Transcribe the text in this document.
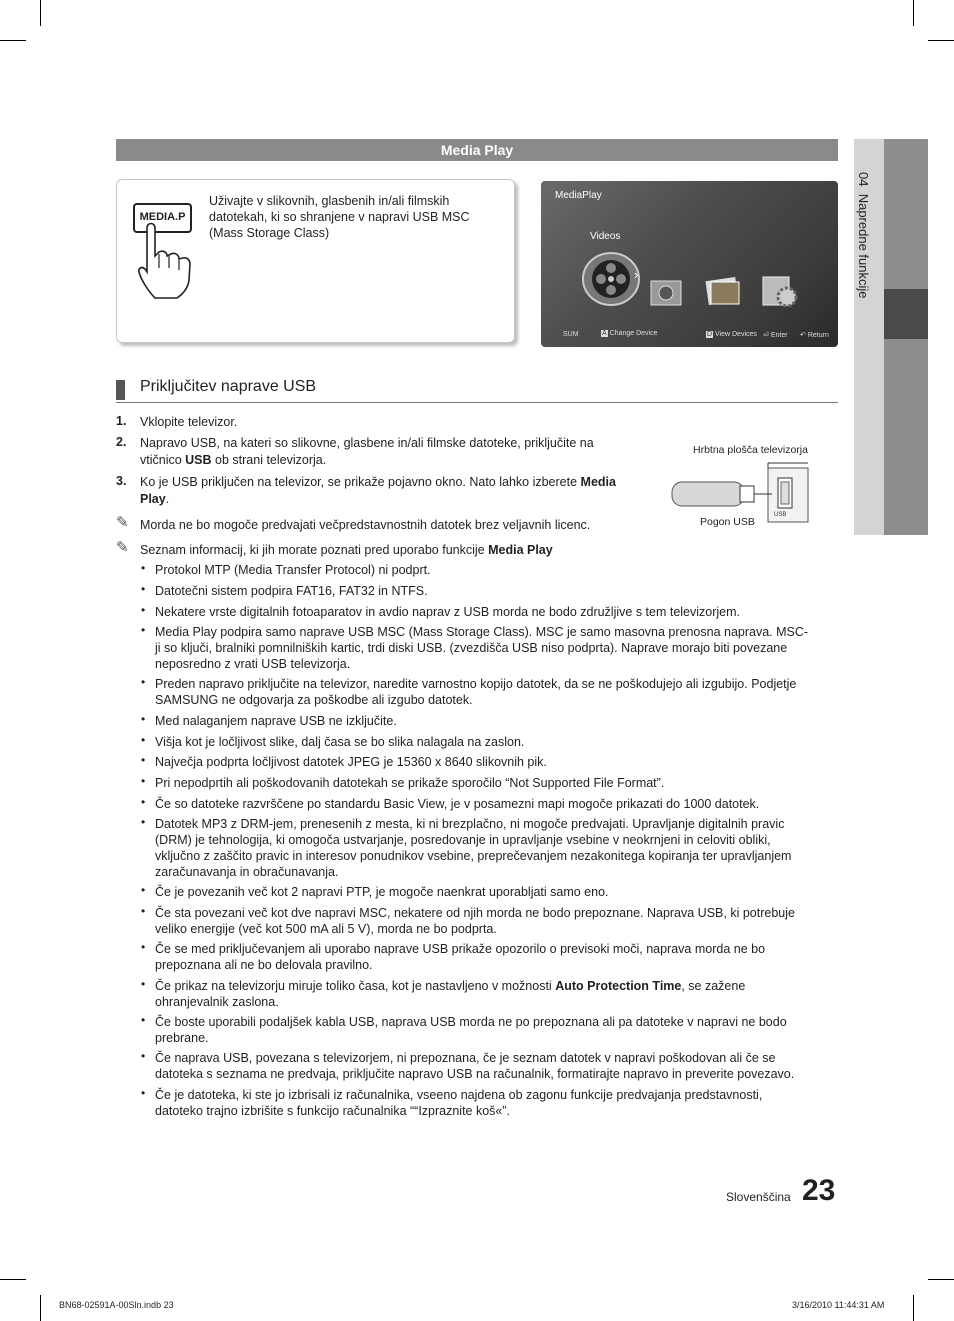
04  Napredne funkcije
Media Play
MEDIA.P
Uživajte v slikovnih, glasbenih in/ali filmskih
datotekah, ki so shranjene v napravi USB MSC
(Mass Storage Class)
MediaPlay
Videos
›
SUM	A Change Device	D View Devices ⏎ Enter ↶ Return
Priključitev naprave USB
Hrbtna plošča televizorja
USB
Pogon USB
1. Vklopite televizor.
2. Napravo USB, na kateri so slikovne, glasbene in/ali filmske datoteke, priključite na
vtičnico USB ob strani televizorja.
3. Ko je USB priključen na televizor, se prikaže pojavno okno. Nato lahko izberete Media
Play.
✎ Morda ne bo mogoče predvajati večpredstavnostnih datotek brez veljavnih licenc.
✎ Seznam informacij, ki jih morate poznati pred uporabo funkcije Media Play
• Protokol MTP (Media Transfer Protocol) ni podprt.
• Datotečni sistem podpira FAT16, FAT32 in NTFS.
• Nekatere vrste digitalnih fotoaparatov in avdio naprav z USB morda ne bodo združljive s tem televizorjem.
• Media Play podpira samo naprave USB MSC (Mass Storage Class). MSC je samo masovna prenosna naprava. MSC-
ji so ključi, bralniki pomnilniških kartic, trdi diski USB. (zvezdišča USB niso podprta). Naprave morajo biti povezane
neposredno z vrati USB televizorja.
• Preden napravo priključite na televizor, naredite varnostno kopijo datotek, da se ne poškodujejo ali izgubijo. Podjetje
SAMSUNG ne odgovarja za poškodbe ali izgubo datotek.
• Med nalaganjem naprave USB ne izključite.
• Višja kot je ločljivost slike, dalj časa se bo slika nalagala na zaslon.
• Največja podprta ločljivost datotek JPEG je 15360 x 8640 slikovnih pik.
• Pri nepodprtih ali poškodovanih datotekah se prikaže sporočilo “Not Supported File Format”.
• Če so datoteke razvrščene po standardu Basic View, je v posamezni mapi mogoče prikazati do 1000 datotek.
• Datotek MP3 z DRM-jem, prenesenih z mesta, ki ni brezplačno, ni mogoče predvajati. Upravljanje digitalnih pravic
(DRM) je tehnologija, ki omogoča ustvarjanje, posredovanje in upravljanje vsebine v neokrnjeni in celoviti obliki,
vključno z zaščito pravic in interesov ponudnikov vsebine, preprečevanjem nezakonitega kopiranja ter upravljanjem
zaračunavanja in obračunavanja.
• Če je povezanih več kot 2 napravi PTP, je mogoče naenkrat uporabljati samo eno.
• Če sta povezani več kot dve napravi MSC, nekatere od njih morda ne bodo prepoznane. Naprava USB, ki potrebuje
veliko energije (več kot 500 mA ali 5 V), morda ne bo podprta.
• Če se med priključevanjem ali uporabo naprave USB prikaže opozorilo o previsoki moči, naprava morda ne bo
prepoznana ali ne bo delovala pravilno.
• Če prikaz na televizorju miruje toliko časa, kot je nastavljeno v možnosti Auto Protection Time, se zažene
ohranjevalnik zaslona.
• Če boste uporabili podaljšek kabla USB, naprava USB morda ne po prepoznana ali pa datoteke v napravi ne bodo
prebrane.
• Če naprava USB, povezana s televizorjem, ni prepoznana, če je seznam datotek v napravi poškodovan ali če se
datoteka s seznama ne predvaja, priključite napravo USB na računalnik, formatirajte napravo in preverite povezavo.
• Če je datoteka, ki ste jo izbrisali iz računalnika, vseeno najdena ob zagonu funkcije predvajanja predstavnosti,
datoteko trajno izbrišite s funkcijo računalnika ““Izpraznite koš«”.
Slovenščina 23
BN68-02591A-00Sln.indb 23	3/16/2010 11:44:31 AM
